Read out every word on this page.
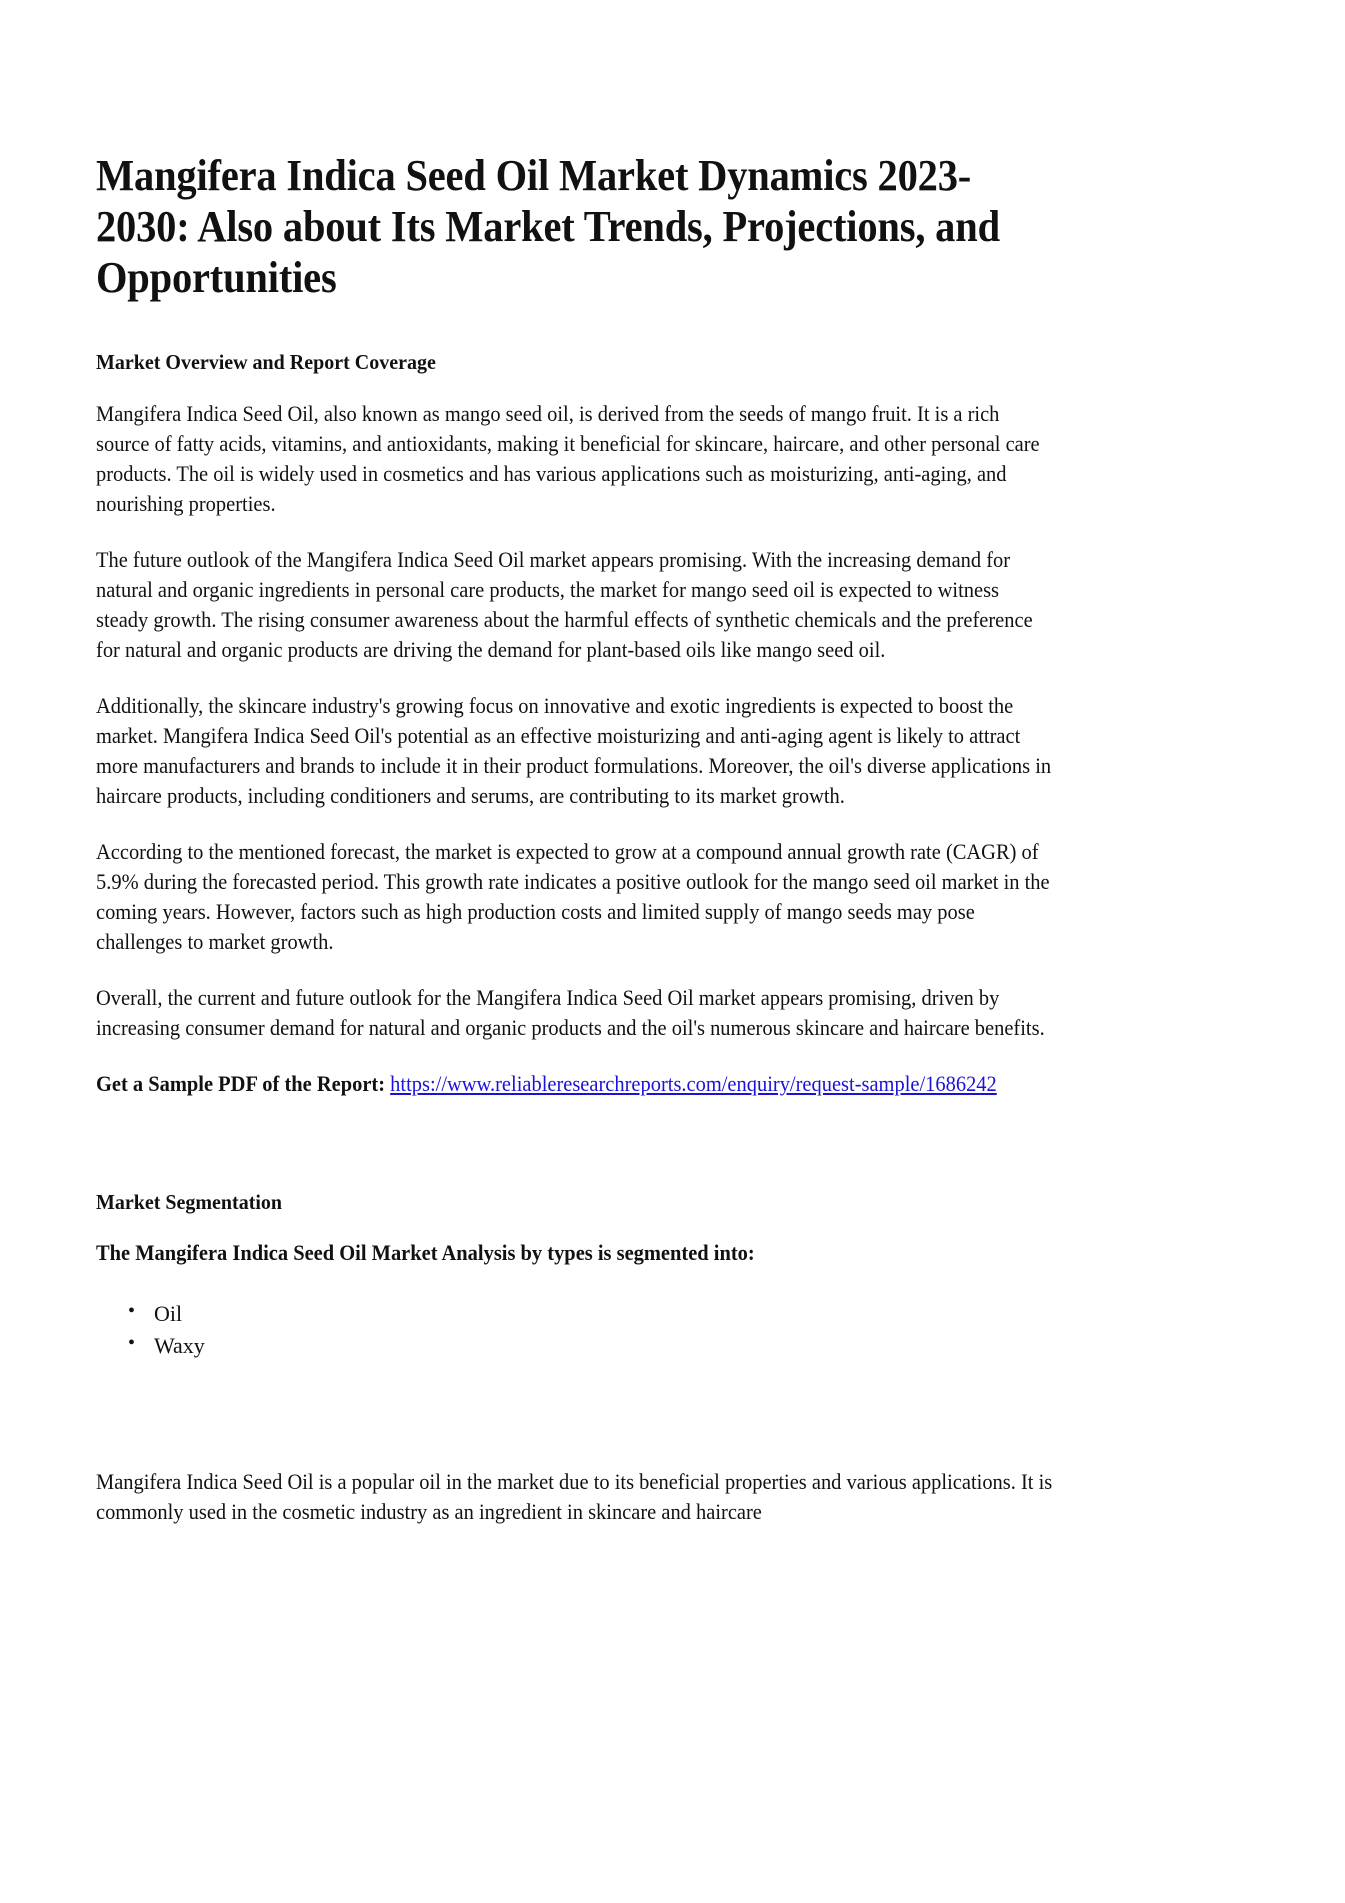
Mangifera Indica Seed Oil Market Dynamics 2023-2030: Also about Its Market Trends, Projections, and Opportunities
Market Overview and Report Coverage

Mangifera Indica Seed Oil, also known as mango seed oil, is derived from the seeds of mango fruit. It is a rich source of fatty acids, vitamins, and antioxidants, making it beneficial for skincare, haircare, and other personal care products. The oil is widely used in cosmetics and has various applications such as moisturizing, anti-aging, and nourishing properties.

The future outlook of the Mangifera Indica Seed Oil market appears promising. With the increasing demand for natural and organic ingredients in personal care products, the market for mango seed oil is expected to witness steady growth. The rising consumer awareness about the harmful effects of synthetic chemicals and the preference for natural and organic products are driving the demand for plant-based oils like mango seed oil.

Additionally, the skincare industry's growing focus on innovative and exotic ingredients is expected to boost the market. Mangifera Indica Seed Oil's potential as an effective moisturizing and anti-aging agent is likely to attract more manufacturers and brands to include it in their product formulations. Moreover, the oil's diverse applications in haircare products, including conditioners and serums, are contributing to its market growth.

According to the mentioned forecast, the market is expected to grow at a compound annual growth rate (CAGR) of 5.9% during the forecasted period. This growth rate indicates a positive outlook for the mango seed oil market in the coming years. However, factors such as high production costs and limited supply of mango seeds may pose challenges to market growth.

Overall, the current and future outlook for the Mangifera Indica Seed Oil market appears promising, driven by increasing consumer demand for natural and organic products and the oil's numerous skincare and haircare benefits.

Get a Sample PDF of the Report: https://www.reliableresearchreports.com/enquiry/request-sample/1686242

Market Segmentation
The Mangifera Indica Seed Oil Market Analysis by types is segmented into:
• Oil
• Waxy

Mangifera Indica Seed Oil is a popular oil in the market due to its beneficial properties and various applications. It is commonly used in the cosmetic industry as an ingredient in skincare and haircare
